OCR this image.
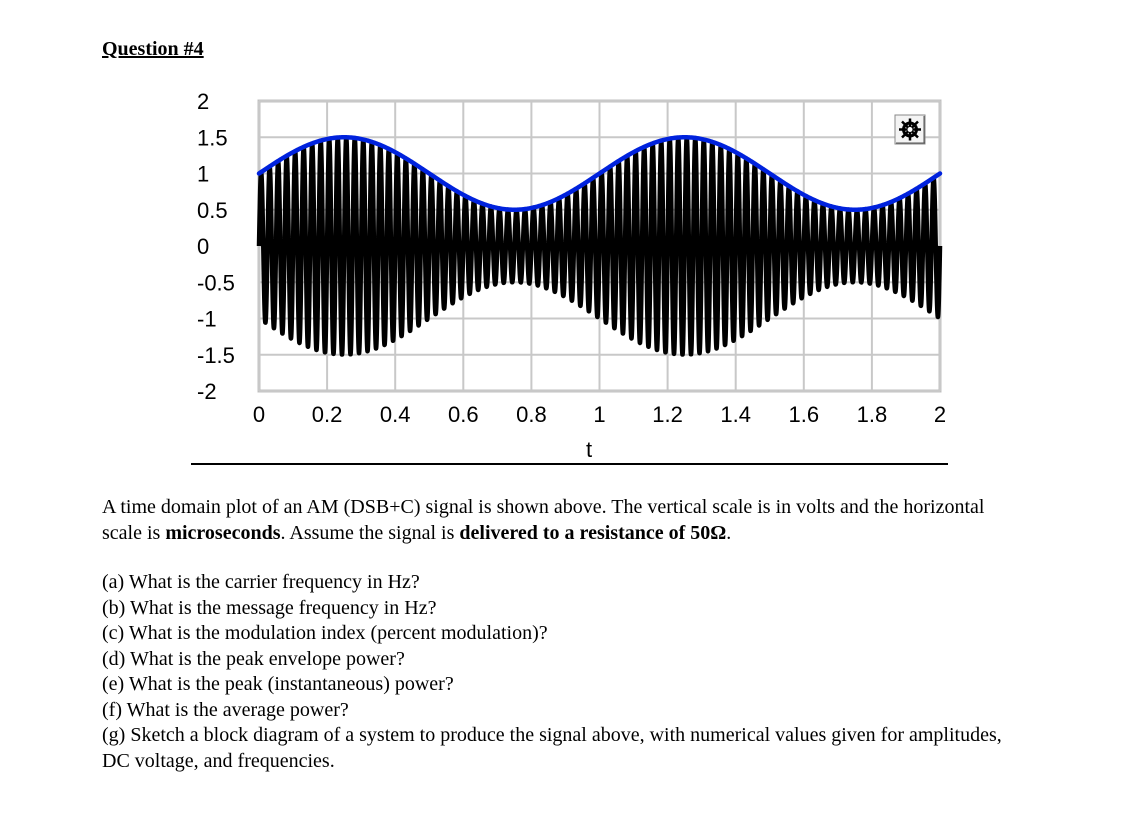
Question #4
2
1.5
1
0.5
0
-0.5
-1
-1.5
-2
0 0.2 0.4 0.6 0.8 1 1.2 1.4 1.6 1.8 2
t
A time domain plot of an AM (DSB+C) signal is shown above. The vertical scale is in volts and the horizontal scale is microseconds. Assume the signal is delivered to a resistance of 50Ω.
(a) What is the carrier frequency in Hz?
(b) What is the message frequency in Hz?
(c) What is the modulation index (percent modulation)?
(d) What is the peak envelope power?
(e) What is the peak (instantaneous) power?
(f) What is the average power?
(g) Sketch a block diagram of a system to produce the signal above, with numerical values given for amplitudes, DC voltage, and frequencies.
